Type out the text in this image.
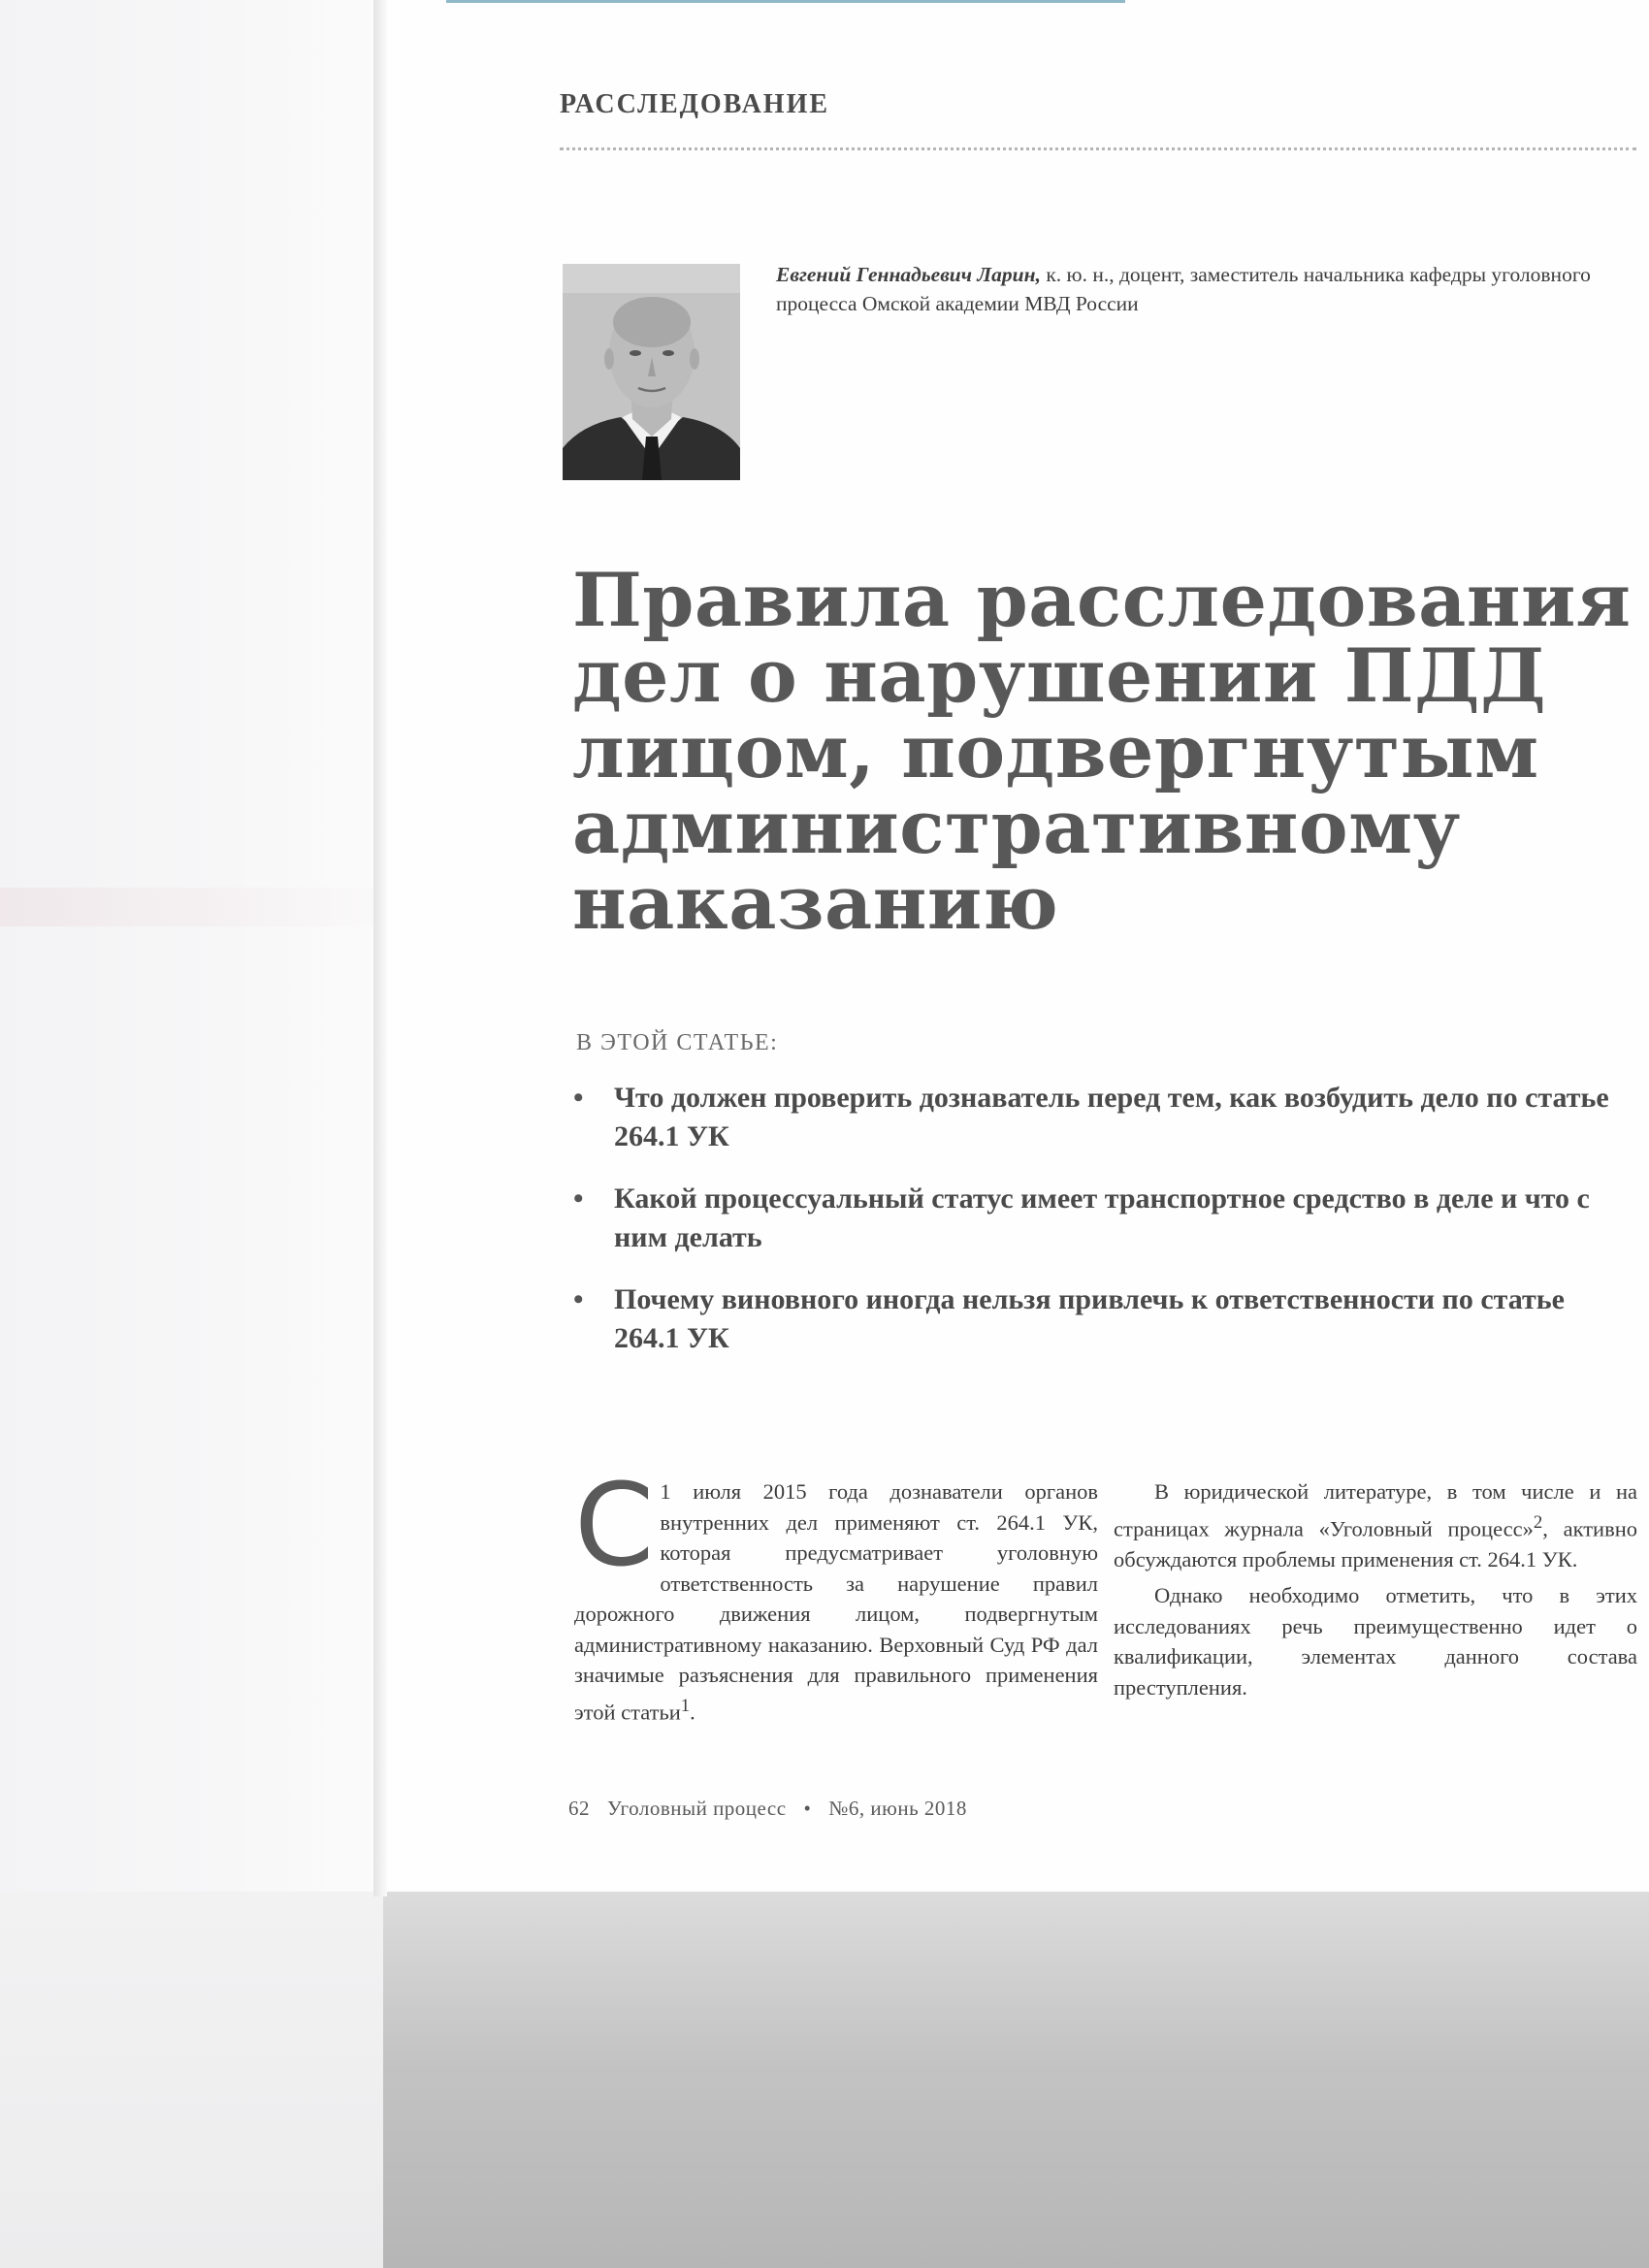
РАССЛЕДОВАНИЕ
Евгений Геннадьевич Ларин, к. ю. н., доцент, заместитель начальника кафедры уголовного процесса Омской академии МВД России
Правила расследования
дел о нарушении ПДД
лицом, подвергнутым
административному
наказанию
В ЭТОЙ СТАТЬЕ:
• Что должен проверить дознаватель перед тем, как возбудить дело по статье 264.1 УК
• Какой процессуальный статус имеет транспортное средство в деле и что с ним делать
• Почему виновного иногда нельзя привлечь к ответственности по статье 264.1 УК

С 1 июля 2015 года дознаватели органов внутренних дел применяют ст. 264.1 УК, которая предусматривает уголовную ответственность за нарушение правил дорожного движения лицом, подвергнутым административному наказанию. Верховный Суд РФ дал значимые разъяснения для правильного применения этой статьи$^1$.

В юридической литературе, в том числе и на страницах журнала «Уголовный процесс»$^2$, активно обсуждаются проблемы применения ст. 264.1 УК.

Однако необходимо отметить, что в этих исследованиях речь преимущественно идет о квалификации, элементах данного состава преступления.

62 Уголовный процесс • №6, июнь 2018
